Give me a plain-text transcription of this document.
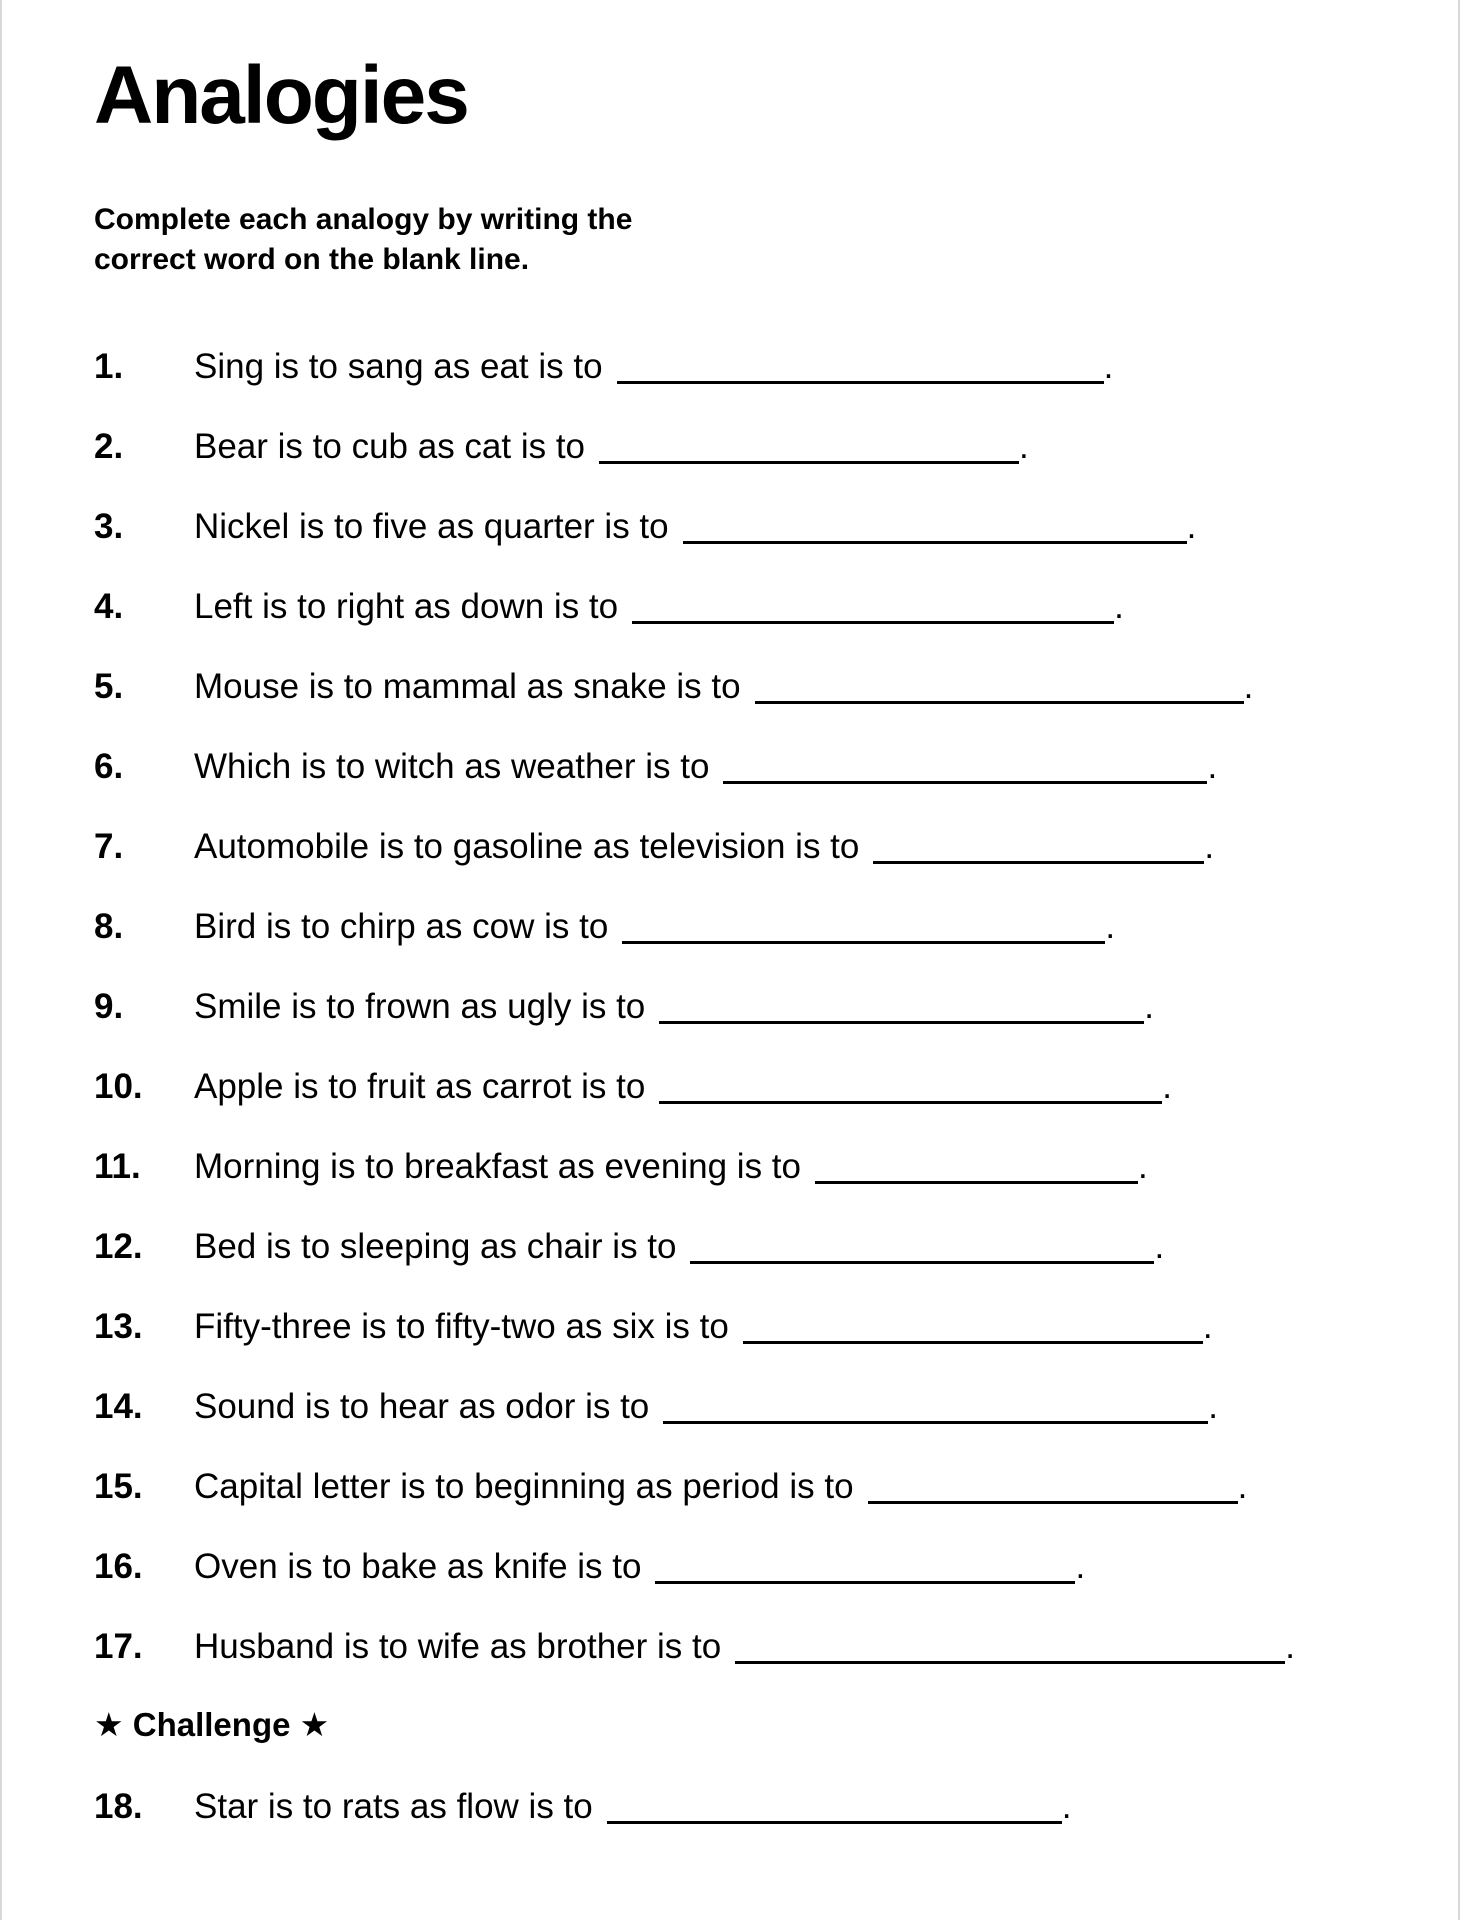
Analogies
Complete each analogy by writing the
correct word on the blank line.
1.	Sing is to sang as eat is to	.
2.	Bear is to cub as cat is to	.
3.	Nickel is to five as quarter is to	.
4.	Left is to right as down is to	.
5.	Mouse is to mammal as snake is to	.
6.	Which is to witch as weather is to	.
7.	Automobile is to gasoline as television is to	.
8.	Bird is to chirp as cow is to	.
9.	Smile is to frown as ugly is to	.
10.	Apple is to fruit as carrot is to	.
11.	Morning is to breakfast as evening is to	.
12.	Bed is to sleeping as chair is to	.
13.	Fifty-three is to fifty-two as six is to	.
14.	Sound is to hear as odor is to	.
15.	Capital letter is to beginning as period is to	.
16.	Oven is to bake as knife is to	.
17.	Husband is to wife as brother is to	.
★ Challenge ★
18.	Star is to rats as flow is to	.
